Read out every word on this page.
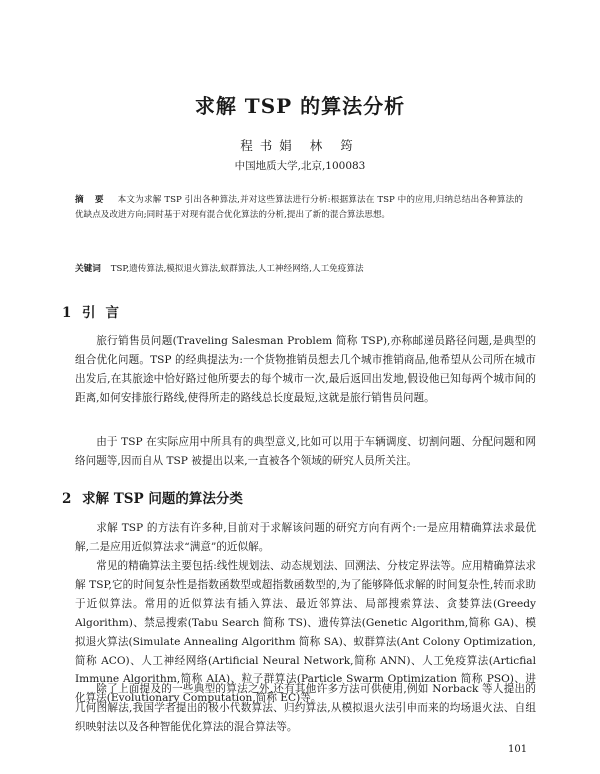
求解 TSP 的算法分析
程书娟 林 筠
中国地质大学,北京,100083
摘 要 本文为求解 TSP 引出各种算法,并对这些算法进行分析:根据算法在 TSP 中的应用,归纳总结出各种算法的优缺点及改进方向;同时基于对现有混合优化算法的分析,提出了新的混合算法思想。
关键词 TSP,遗传算法,模拟退火算法,蚁群算法,人工神经网络,人工免疫算法
1 引言

旅行销售员问题(Traveling Salesman Problem 简称 TSP),亦称邮递员路径问题,是典型的组合优化问题。TSP 的经典提法为:一个货物推销员想去几个城市推销商品,他希望从公司所在城市出发后,在其旅途中恰好路过他所要去的每个城市一次,最后返回出发地,假设他已知每两个城市间的距离,如何安排旅行路线,使得所走的路线总长度最短,这就是旅行销售员问题。

由于 TSP 在实际应用中所具有的典型意义,比如可以用于车辆调度、切割问题、分配问题和网络问题等,因而自从 TSP 被提出以来,一直被各个领域的研究人员所关注。

2 求解 TSP 问题的算法分类

求解 TSP 的方法有许多种,目前对于求解该问题的研究方向有两个:一是应用精确算法求最优解,二是应用近似算法求“满意”的近似解。

常见的精确算法主要包括:线性规划法、动态规划法、回溯法、分枝定界法等。应用精确算法求解 TSP,它的时间复杂性是指数函数型或超指数函数型的,为了能够降低求解的时间复杂性,转而求助于近似算法。常用的近似算法有插入算法、最近邻算法、局部搜索算法、贪婪算法(Greedy Algorithm)、禁忌搜索(Tabu Search 简称 TS)、遗传算法(Genetic Algorithm,简称 GA)、模拟退火算法(Simulate Annealing Algorithm 简称 SA)、蚁群算法(Ant Colony Optimization,简称 ACO)、人工神经网络(Artificial Neural Network,简称 ANN)、人工免疫算法(Articfial Immune Algorithm,简称 AIA)、粒子群算法(Particle Swarm Optimization 简称 PSO)、进化算法(Evolutionary Computation,简称 EC)等。

除了上面提及的一些典型的算法之外,还有其他许多方法可供使用,例如 Norback 等人提出的几何图解法,我国学者提出的极小代数算法、归约算法,从模拟退火法引申而来的均场退火法、自组织映射法以及各种智能优化算法的混合算法等。

101
